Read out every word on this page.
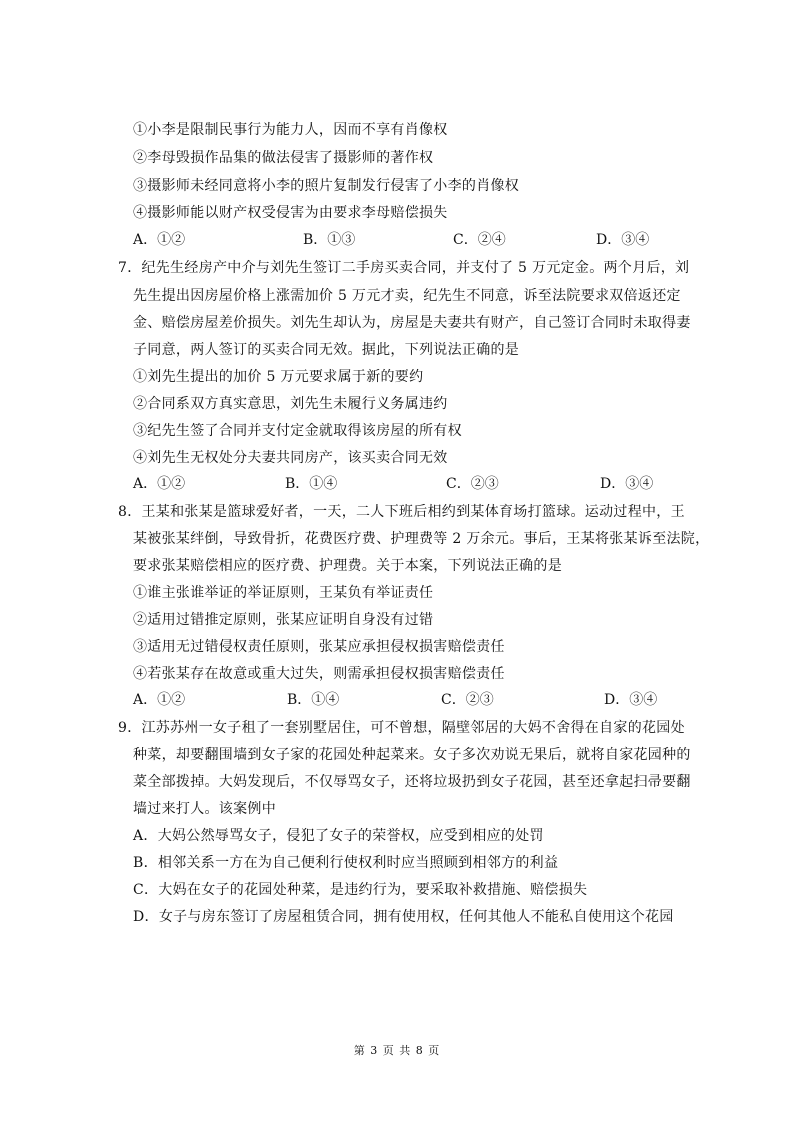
①小李是限制民事行为能力人，因而不享有肖像权
②李母毁损作品集的做法侵害了摄影师的著作权
③摄影师未经同意将小李的照片复制发行侵害了小李的肖像权
④摄影师能以财产权受侵害为由要求李母赔偿损失
A．①②	B．①③	C．②④	D．③④
7．纪先生经房产中介与刘先生签订二手房买卖合同，并支付了 5 万元定金。两个月后，刘
先生提出因房屋价格上涨需加价 5 万元才卖，纪先生不同意，诉至法院要求双倍返还定
金、赔偿房屋差价损失。刘先生却认为，房屋是夫妻共有财产，自己签订合同时未取得妻
子同意，两人签订的买卖合同无效。据此，下列说法正确的是
①刘先生提出的加价 5 万元要求属于新的要约
②合同系双方真实意思，刘先生未履行义务属违约
③纪先生签了合同并支付定金就取得该房屋的所有权
④刘先生无权处分夫妻共同房产，该买卖合同无效
A．①②	B．①④	C．②③	D．③④
8．王某和张某是篮球爱好者，一天，二人下班后相约到某体育场打篮球。运动过程中，王
某被张某绊倒，导致骨折，花费医疗费、护理费等 2 万余元。事后，王某将张某诉至法院，
要求张某赔偿相应的医疗费、护理费。关于本案，下列说法正确的是
①谁主张谁举证的举证原则，王某负有举证责任
②适用过错推定原则，张某应证明自身没有过错
③适用无过错侵权责任原则，张某应承担侵权损害赔偿责任
④若张某存在故意或重大过失，则需承担侵权损害赔偿责任
A．①②	B．①④	C．②③	D．③④
9．江苏苏州一女子租了一套别墅居住，可不曾想，隔壁邻居的大妈不舍得在自家的花园处
种菜，却要翻围墙到女子家的花园处种起菜来。女子多次劝说无果后，就将自家花园种的
菜全部拨掉。大妈发现后，不仅辱骂女子，还将垃圾扔到女子花园，甚至还拿起扫帚要翻
墙过来打人。该案例中
A．大妈公然辱骂女子，侵犯了女子的荣誉权，应受到相应的处罚
B．相邻关系一方在为自己便利行使权利时应当照顾到相邻方的利益
C．大妈在女子的花园处种菜，是违约行为，要采取补救措施、赔偿损失
D．女子与房东签订了房屋租赁合同，拥有使用权，任何其他人不能私自使用这个花园
第 3 页 共 8 页
